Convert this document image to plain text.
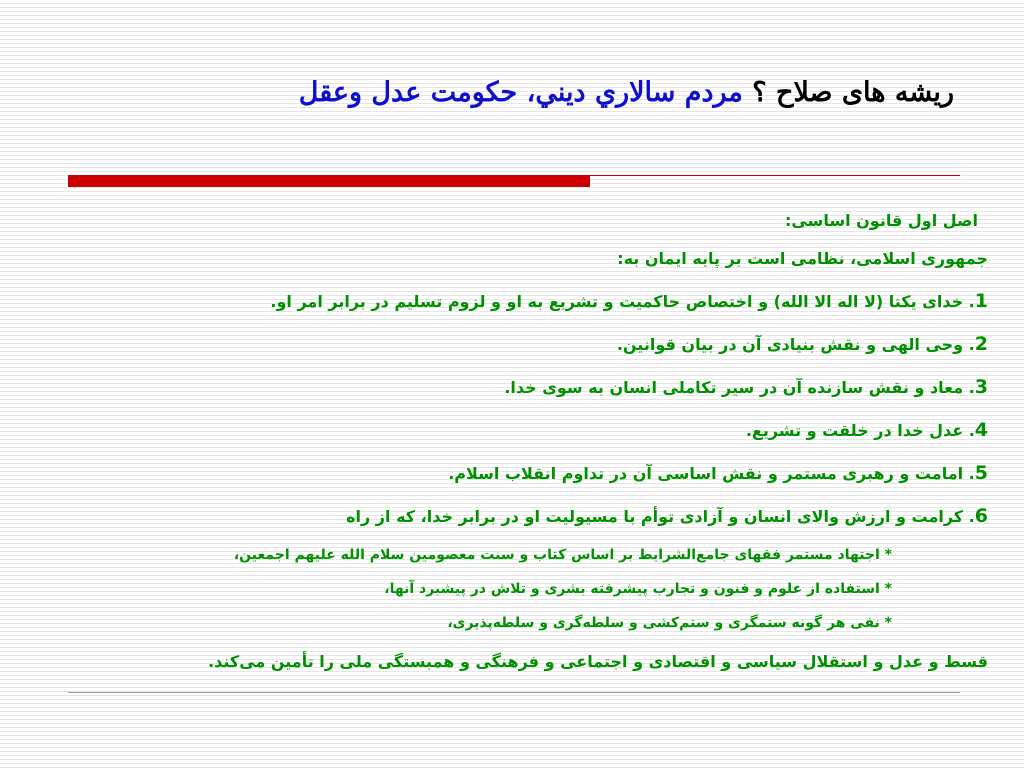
ريشه های صلاح ؟ مردم سالاري ديني، حكومت عدل وعقل
اصل اول قانون اساسی:
جمهوری اسلامی، نظامی است بر پایه ایمان به:
1. خدای یکتا (لا اله الا الله) و اختصاص حاکمیت و تشریع به او و لزوم تسلیم در برابر امر او.
2. وحی الهی و نقش بنیادی آن در بیان قوانین.
3. معاد و نقش سازنده آن در سیر تکاملی انسان به سوی خدا.
4. عدل خدا در خلقت و تشریع.
5. امامت و رهبری مستمر و نقش اساسی آن در تداوم انقلاب اسلام.
6. کرامت و ارزش والای انسان و آزادی توأم با مسیولیت او در برابر خدا، که از راه
* اجتهاد مستمر فقهای جامع‌الشرایط بر اساس کتاب و سنت معصومین سلام الله علیهم اجمعین،
* استفاده از علوم و فنون و تجارب پیشرفته بشری و تلاش در پیشبرد آنها،
* نفی هر گونه ستمگری و ستم‌کشی و سلطه‌گری و سلطه‌پذیری،
قسط و عدل و استقلال سیاسی و اقتصادی و اجتماعی و فرهنگی و همبستگی ملی را تأمین می‌کند.
